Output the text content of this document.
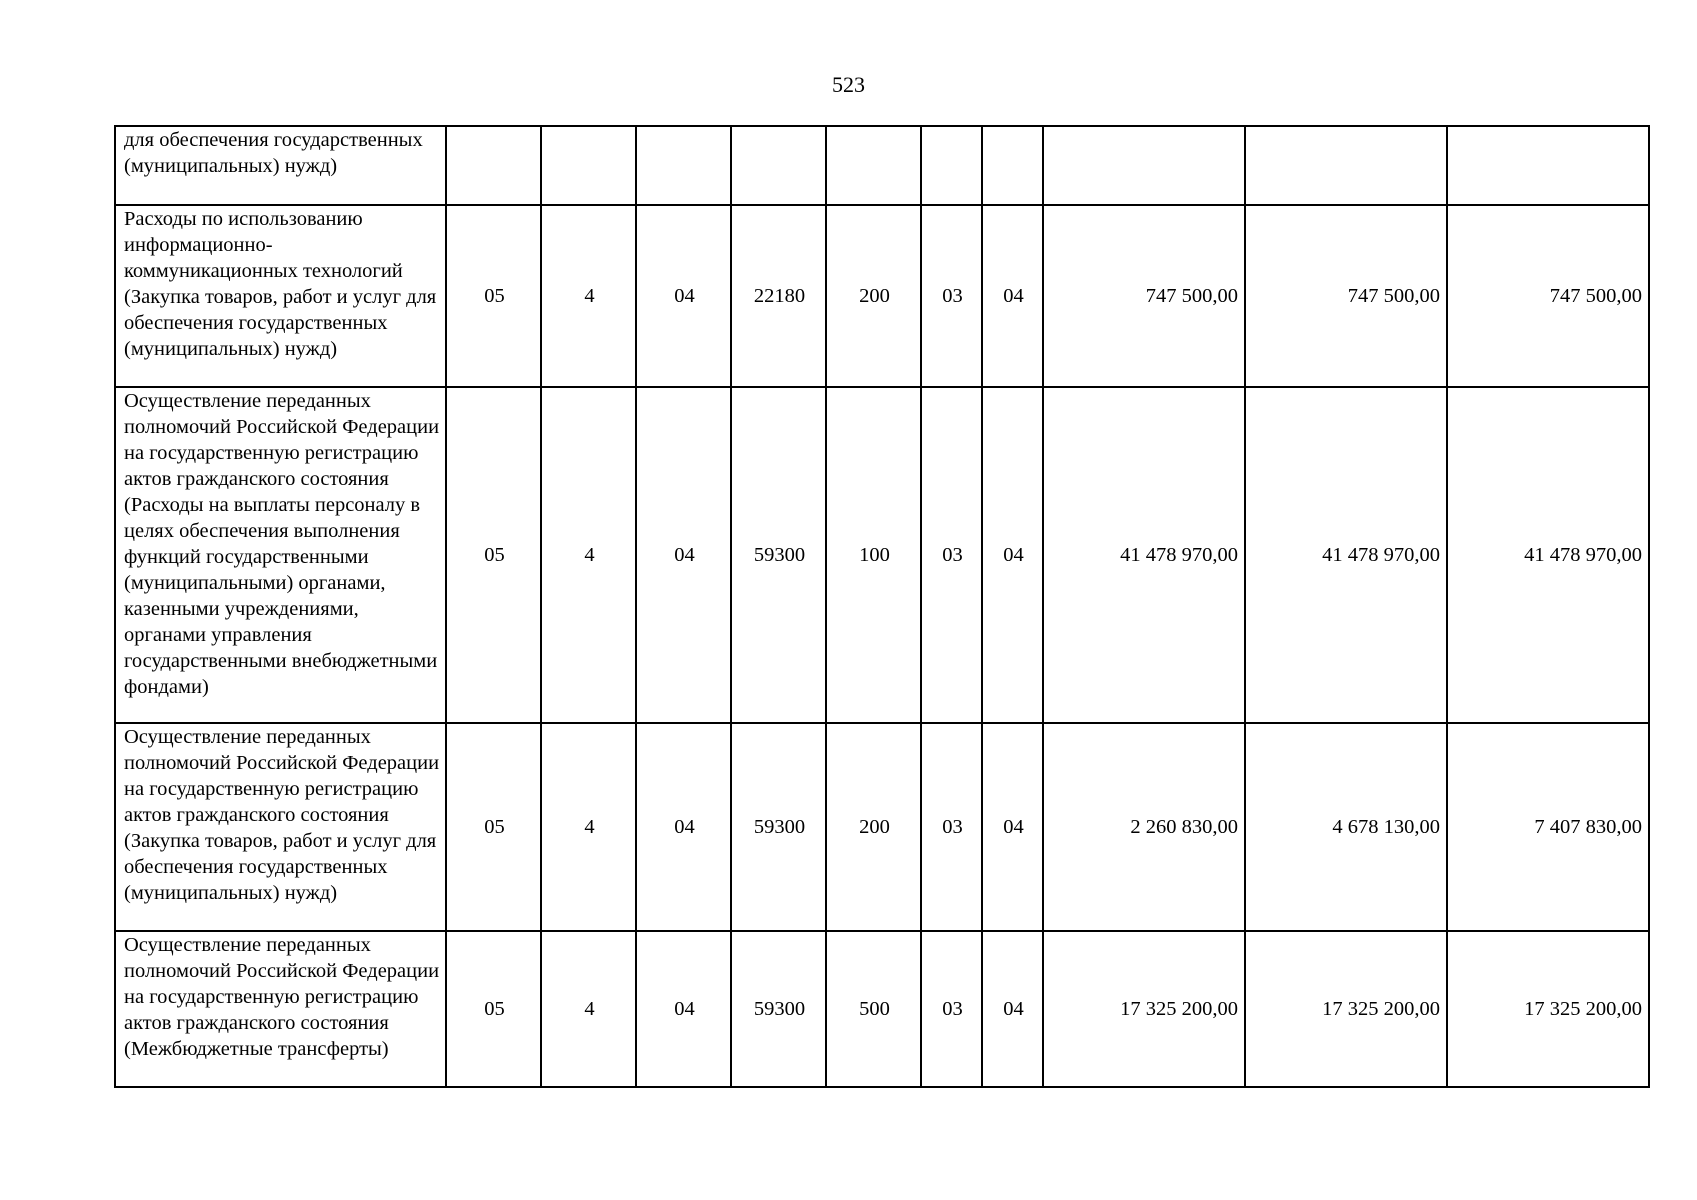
523
для обеспечения государственных (муниципальных) нужд)										
Расходы по использованию информационно-коммуникационных технологий (Закупка товаров, работ и услуг для обеспечения государственных (муниципальных) нужд)	05	4	04	22180	200	03	04	747 500,00	747 500,00	747 500,00
Осуществление переданных полномочий Российской Федерации на государственную регистрацию актов гражданского состояния (Расходы на выплаты персоналу в целях обеспечения выполнения функций государственными (муниципальными) органами, казенными учреждениями, органами управления государственными внебюджетными фондами)	05	4	04	59300	100	03	04	41 478 970,00	41 478 970,00	41 478 970,00
Осуществление переданных полномочий Российской Федерации на государственную регистрацию актов гражданского состояния (Закупка товаров, работ и услуг для обеспечения государственных (муниципальных) нужд)	05	4	04	59300	200	03	04	2 260 830,00	4 678 130,00	7 407 830,00
Осуществление переданных полномочий Российской Федерации на государственную регистрацию актов гражданского состояния (Межбюджетные трансферты)	05	4	04	59300	500	03	04	17 325 200,00	17 325 200,00	17 325 200,00
